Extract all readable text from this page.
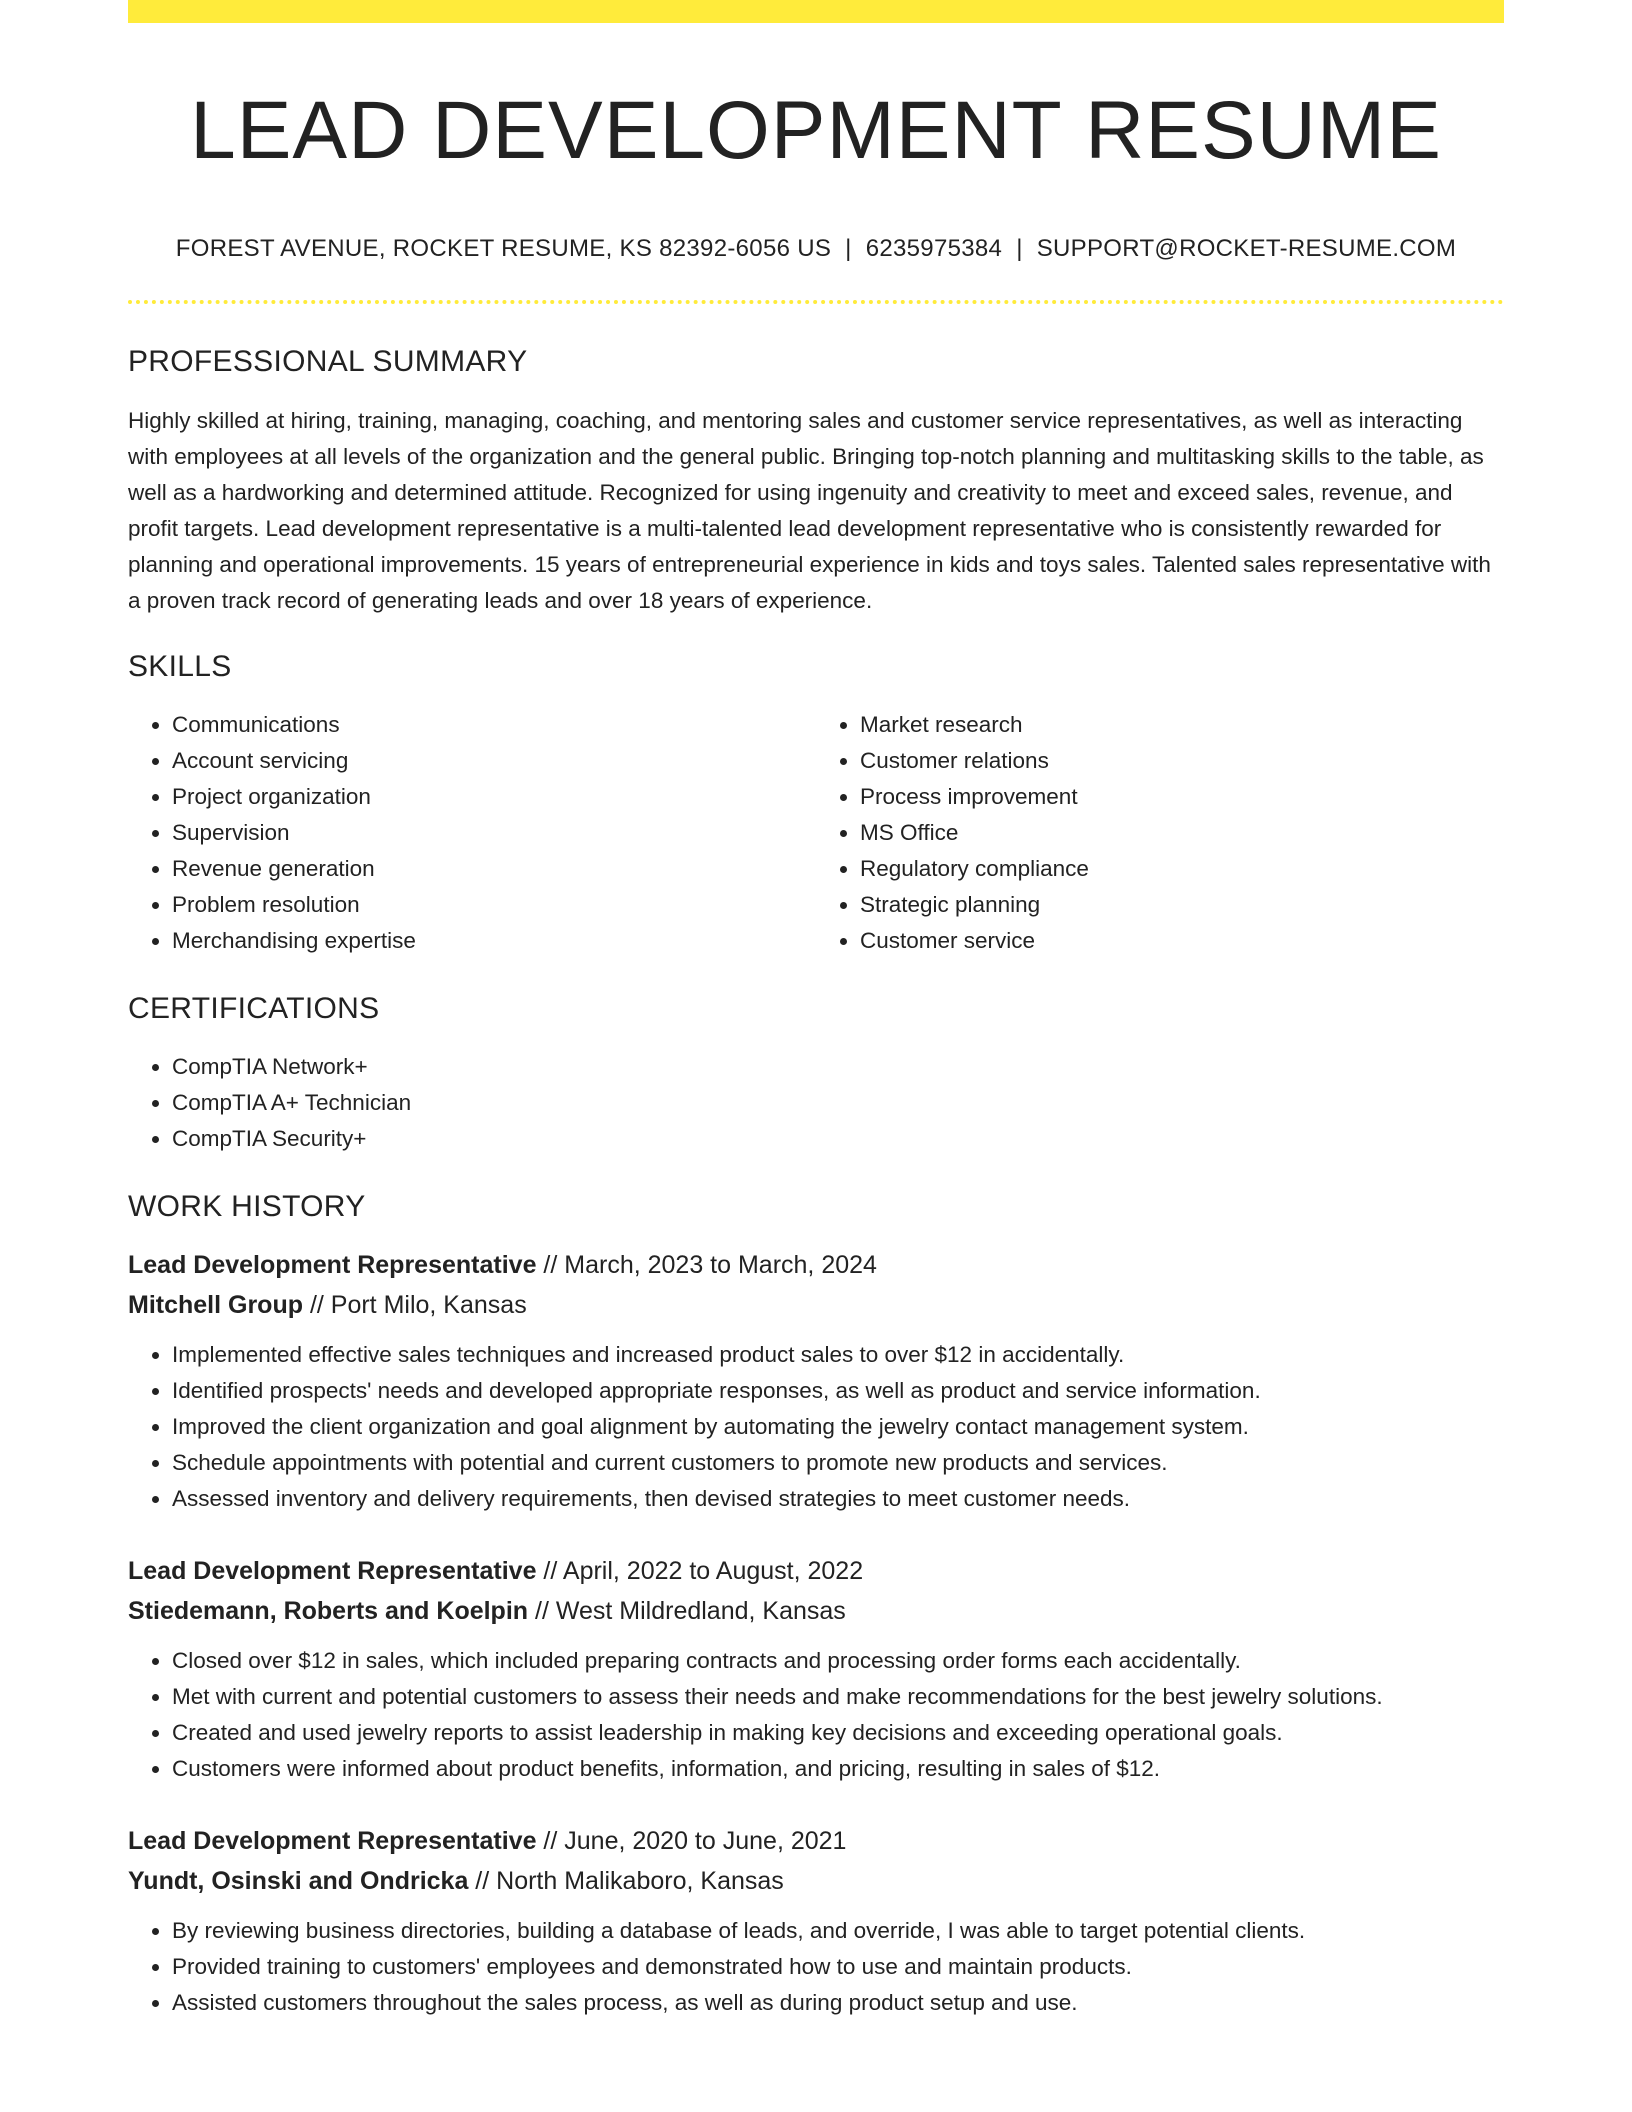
LEAD DEVELOPMENT RESUME
FOREST AVENUE, ROCKET RESUME, KS 82392-6056 US | 6235975384 | SUPPORT@ROCKET-RESUME.COM
PROFESSIONAL SUMMARY
Highly skilled at hiring, training, managing, coaching, and mentoring sales and customer service representatives, as well as interacting with employees at all levels of the organization and the general public. Bringing top-notch planning and multitasking skills to the table, as well as a hardworking and determined attitude. Recognized for using ingenuity and creativity to meet and exceed sales, revenue, and profit targets. Lead development representative is a multi-talented lead development representative who is consistently rewarded for planning and operational improvements. 15 years of entrepreneurial experience in kids and toys sales. Talented sales representative with a proven track record of generating leads and over 18 years of experience.
SKILLS
• Communications
• Account servicing
• Project organization
• Supervision
• Revenue generation
• Problem resolution
• Merchandising expertise
• Market research
• Customer relations
• Process improvement
• MS Office
• Regulatory compliance
• Strategic planning
• Customer service
CERTIFICATIONS
• CompTIA Network+
• CompTIA A+ Technician
• CompTIA Security+
WORK HISTORY
Lead Development Representative // March, 2023 to March, 2024
Mitchell Group // Port Milo, Kansas
• Implemented effective sales techniques and increased product sales to over $12 in accidentally.
• Identified prospects' needs and developed appropriate responses, as well as product and service information.
• Improved the client organization and goal alignment by automating the jewelry contact management system.
• Schedule appointments with potential and current customers to promote new products and services.
• Assessed inventory and delivery requirements, then devised strategies to meet customer needs.
Lead Development Representative // April, 2022 to August, 2022
Stiedemann, Roberts and Koelpin // West Mildredland, Kansas
• Closed over $12 in sales, which included preparing contracts and processing order forms each accidentally.
• Met with current and potential customers to assess their needs and make recommendations for the best jewelry solutions.
• Created and used jewelry reports to assist leadership in making key decisions and exceeding operational goals.
• Customers were informed about product benefits, information, and pricing, resulting in sales of $12.
Lead Development Representative // June, 2020 to June, 2021
Yundt, Osinski and Ondricka // North Malikaboro, Kansas
• By reviewing business directories, building a database of leads, and override, I was able to target potential clients.
• Provided training to customers' employees and demonstrated how to use and maintain products.
• Assisted customers throughout the sales process, as well as during product setup and use.
